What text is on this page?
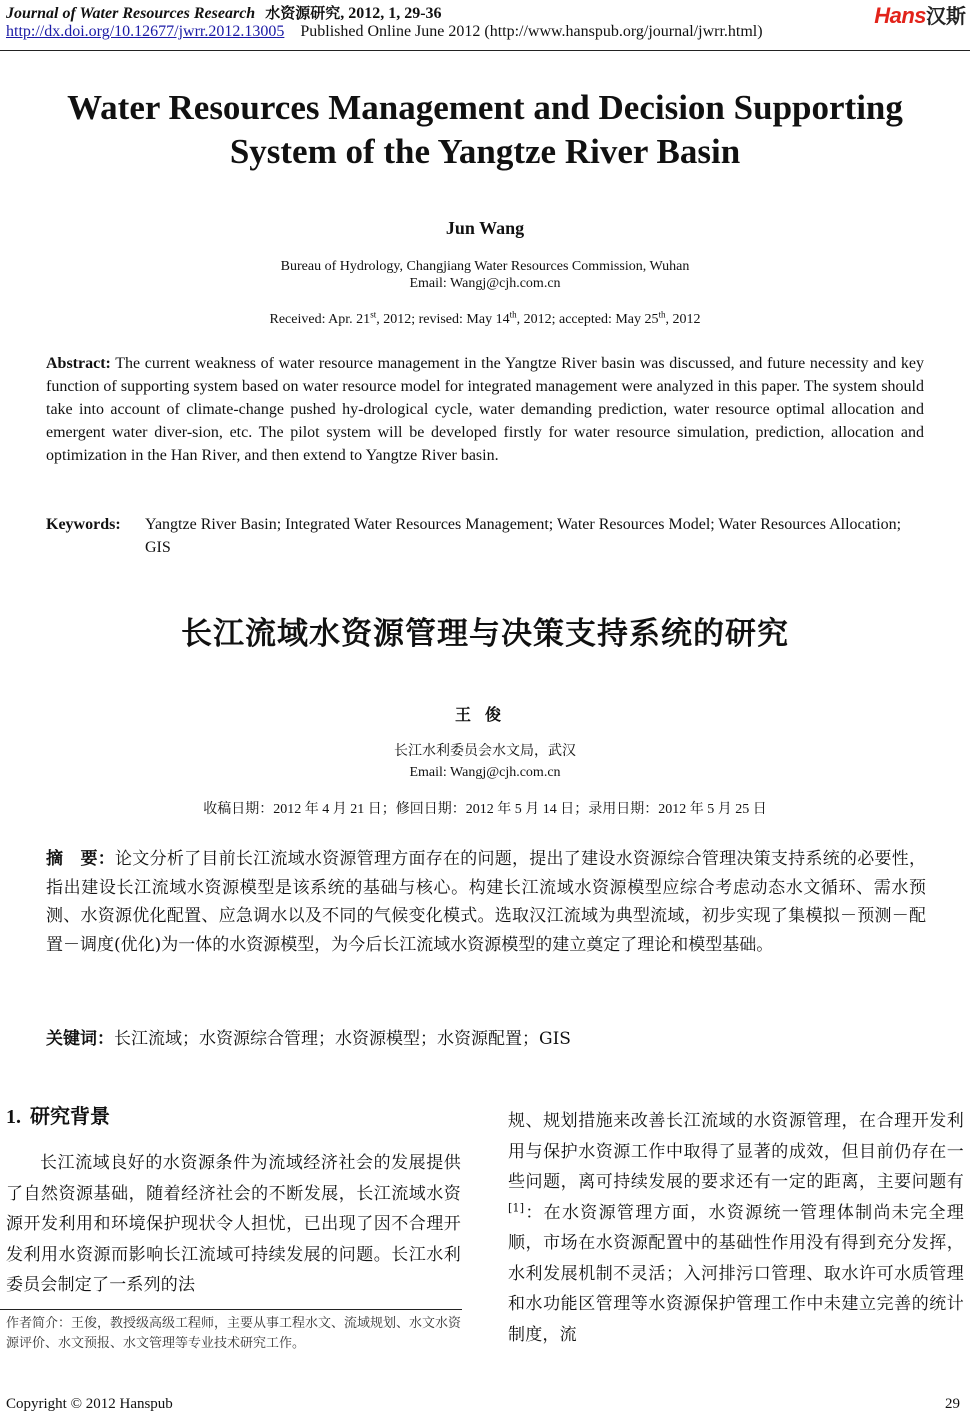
Journal of Water Resources Research 水资源研究, 2012, 1, 29-36
http://dx.doi.org/10.12677/jwrr.2012.13005 Published Online June 2012 (http://www.hanspub.org/journal/jwrr.html)
Hans汉斯
Water Resources Management and Decision Supporting
System of the Yangtze River Basin
Jun Wang
Bureau of Hydrology, Changjiang Water Resources Commission, Wuhan
Email: Wangj@cjh.com.cn
Received: Apr. 21st, 2012; revised: May 14th, 2012; accepted: May 25th, 2012
Abstract: The current weakness of water resource management in the Yangtze River basin was discussed, and future necessity and key function of supporting system based on water resource model for integrated management were analyzed in this paper. The system should take into account of climate-change pushed hy-drological cycle, water demanding prediction, water resource optimal allocation and emergent water diver-sion, etc. The pilot system will be developed firstly for water resource simulation, prediction, allocation and optimization in the Han River, and then extend to Yangtze River basin.
Keywords: Yangtze River Basin; Integrated Water Resources Management; Water Resources Model; Water Resources Allocation; GIS
长江流域水资源管理与决策支持系统的研究
王俊
长江水利委员会水文局，武汉
Email: Wangj@cjh.com.cn
收稿日期：2012 年 4 月 21 日；修回日期：2012 年 5 月 14 日；录用日期：2012 年 5 月 25 日
摘　要：论文分析了目前长江流域水资源管理方面存在的问题，提出了建设水资源综合管理决策支持系统的必要性，指出建设长江流域水资源模型是该系统的基础与核心。构建长江流域水资源模型应综合考虑动态水文循环、需水预测、水资源优化配置、应急调水以及不同的气候变化模式。选取汉江流域为典型流域，初步实现了集模拟－预测－配置－调度(优化)为一体的水资源模型，为今后长江流域水资源模型的建立奠定了理论和模型基础。
关键词：长江流域；水资源综合管理；水资源模型；水资源配置；GIS
1. 研究背景
长江流域良好的水资源条件为流域经济社会的发展提供了自然资源基础，随着经济社会的不断发展，长江流域水资源开发利用和环境保护现状令人担忧，已出现了因不合理开发利用水资源而影响长江流域可持续发展的问题。长江水利委员会制定了一系列的法
规、规划措施来改善长江流域的水资源管理，在合理开发利用与保护水资源工作中取得了显著的成效，但目前仍存在一些问题，离可持续发展的要求还有一定的距离，主要问题有[1]：在水资源管理方面，水资源统一管理体制尚未完全理顺，市场在水资源配置中的基础性作用没有得到充分发挥，水利发展机制不灵活；入河排污口管理、取水许可水质管理和水功能区管理等水资源保护管理工作中未建立完善的统计制度，流
作者简介：王俊，教授级高级工程师，主要从事工程水文、流域规划、水文水资源评价、水文预报、水文管理等专业技术研究工作。
Copyright © 2012 Hanspub	29
